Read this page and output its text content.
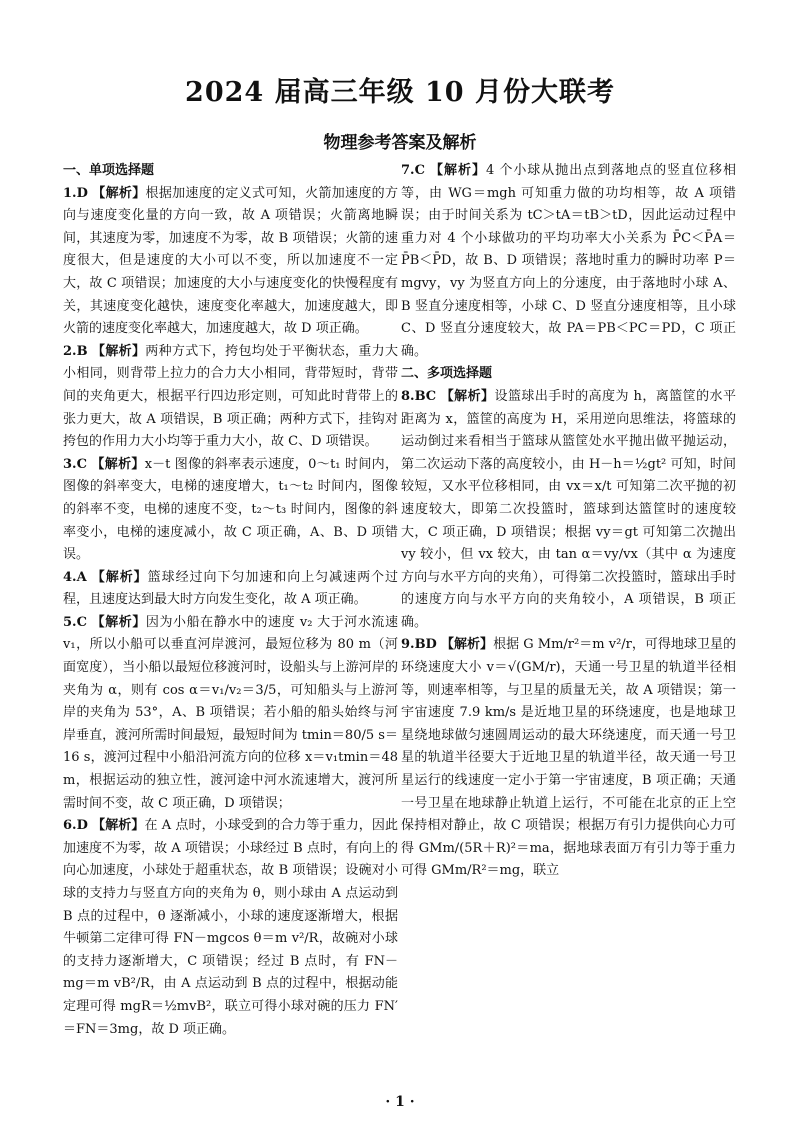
2024 届高三年级 10 月份大联考
物理参考答案及解析
一、单项选择题

1.D 【解析】根据加速度的定义式可知，火箭加速度的方向与速度变化量的方向一致，故 A 项错误；火箭离地瞬间，其速度为零，加速度不为零，故 B 项错误；火箭的速度很大，但是速度的大小可以不变，所以加速度不一定大，故 C 项错误；加速度的大小与速度变化的快慢程度有关，其速度变化越快，速度变化率越大，加速度越大，即火箭的速度变化率越大，加速度越大，故 D 项正确。

2.B 【解析】两种方式下，挎包均处于平衡状态，重力大小相同，则背带上拉力的合力大小相同，背带短时，背带间的夹角更大，根据平行四边形定则，可知此时背带上的张力更大，故 A 项错误，B 项正确；两种方式下，挂钩对挎包的作用力大小均等于重力大小，故 C、D 项错误。

3.C 【解析】x－t 图像的斜率表示速度，0～t₁ 时间内，图像的斜率变大，电梯的速度增大，t₁～t₂ 时间内，图像的斜率不变，电梯的速度不变，t₂～t₃ 时间内，图像的斜率变小，电梯的速度减小，故 C 项正确，A、B、D 项错误。

4.A 【解析】篮球经过向下匀加速和向上匀减速两个过程，且速度达到最大时方向发生变化，故 A 项正确。

5.C 【解析】因为小船在静水中的速度 v₂ 大于河水流速 v₁，所以小船可以垂直河岸渡河，最短位移为 80 m（河面宽度），当小船以最短位移渡河时，设船头与上游河岸的夹角为 α，则有 cos α＝v₁/v₂＝3/5，可知船头与上游河岸的夹角为 53°，A、B 项错误；若小船的船头始终与河岸垂直，渡河所需时间最短，最短时间为 tmin＝80/5 s＝16 s，渡河过程中小船沿河流方向的位移 x＝v₁tmin＝48 m，根据运动的独立性，渡河途中河水流速增大，渡河所需时间不变，故 C 项正确，D 项错误；

6.D 【解析】在 A 点时，小球受到的合力等于重力，因此加速度不为零，故 A 项错误；小球经过 B 点时，有向上的向心加速度，小球处于超重状态，故 B 项错误；设碗对小球的支持力与竖直方向的夹角为 θ，则小球由 A 点运动到 B 点的过程中，θ 逐渐减小，小球的速度逐渐增大，根据牛顿第二定律可得 FN－mgcos θ＝m v²/R，故碗对小球的支持力逐渐增大，C 项错误；经过 B 点时，有 FN－mg＝m vB²/R，由 A 点运动到 B 点的过程中，根据动能定理可得 mgR＝½mvB²，联立可得小球对碗的压力 FN′＝FN＝3mg，故 D 项正确。

7.C 【解析】4 个小球从抛出点到落地点的竖直位移相等，由 WG＝mgh 可知重力做的功均相等，故 A 项错误；由于时间关系为 tC＞tA＝tB＞tD，因此运动过程中重力对 4 个小球做功的平均功率大小关系为 P̄C＜P̄A＝P̄B＜P̄D，故 B、D 项错误；落地时重力的瞬时功率 P＝mgvy，vy 为竖直方向上的分速度，由于落地时小球 A、B 竖直分速度相等，小球 C、D 竖直分速度相等，且小球 C、D 竖直分速度较大，故 PA＝PB＜PC＝PD，C 项正确。

二、多项选择题

8.BC 【解析】设篮球出手时的高度为 h，离篮筐的水平距离为 x，篮筐的高度为 H，采用逆向思维法，将篮球的运动倒过来看相当于篮球从篮筐处水平抛出做平抛运动，第二次运动下落的高度较小，由 H－h＝½gt² 可知，时间较短，又水平位移相同，由 vx＝x/t 可知第二次平抛的初速度较大，即第二次投篮时，篮球到达篮筐时的速度较大，C 项正确，D 项错误；根据 vy＝gt 可知第二次抛出 vy 较小，但 vx 较大，由 tan α＝vy/vx（其中 α 为速度方向与水平方向的夹角），可得第二次投篮时，篮球出手时的速度方向与水平方向的夹角较小，A 项错误，B 项正确。

9.BD 【解析】根据 G Mm/r²＝m v²/r，可得地球卫星的环绕速度大小 v＝√(GM/r)，天通一号卫星的轨道半径相等，则速率相等，与卫星的质量无关，故 A 项错误；第一宇宙速度 7.9 km/s 是近地卫星的环绕速度，也是地球卫星绕地球做匀速圆周运动的最大环绕速度，而天通一号卫星的轨道半径要大于近地卫星的轨道半径，故天通一号卫星运行的线速度一定小于第一宇宙速度，B 项正确；天通一号卫星在地球静止轨道上运行，不可能在北京的正上空保持相对静止，故 C 项错误；根据万有引力提供向心力可得 GMm/(5R＋R)²＝ma，据地球表面万有引力等于重力可得 GMm/R²＝mg，联立

· 1 ·
